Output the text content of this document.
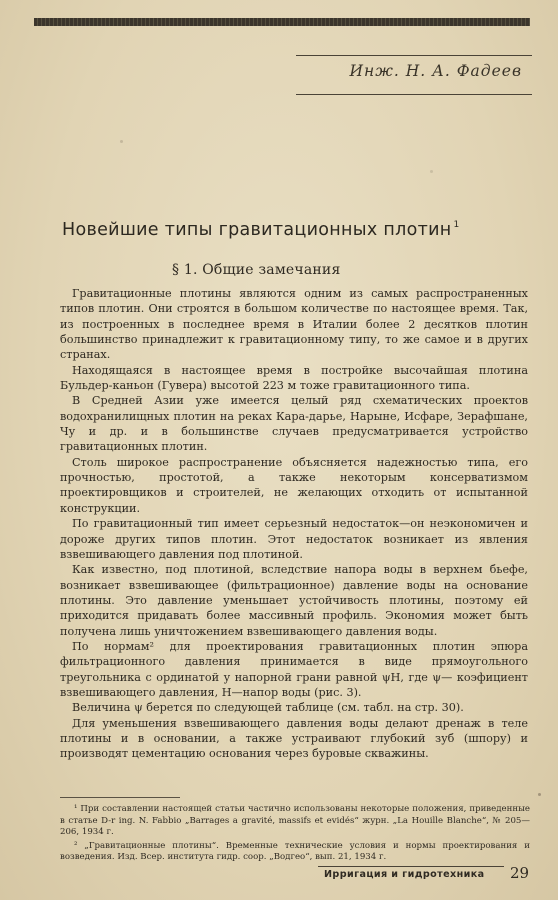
Инж. Н. А. Фадеев
Новейшие типы гравитационных плотин $^1$
§ 1. Общие замечания

Гравитационные плотины являются одним из самых распространенных типов плотин. Они строятся в большом количестве по настоящее время. Так, из построенных в последнее время в Италии более 2 десятков плотин большинство принадлежит к гравитационному типу, то же самое и в других странах.

Находящаяся в настоящее время в постройке высочайшая плотина Бульдер-каньон (Гувера) высотой 223 м тоже гравитационного типа.

В Средней Азии уже имеется целый ряд схематических проектов водохранилищных плотин на реках Кара-дарье, Нарыне, Исфаре, Зерафшане, Чу и др. и в большинстве случаев предусматривается устройство гравитационных плотин.

Столь широкое распространение объясняется надежностью типа, его прочностью, простотой, а также некоторым консерватизмом проектировщиков и строителей, не желающих отходить от испытанной конструкции.

По гравитационный тип имеет серьезный недостаток—он неэкономичен и дороже других типов плотин. Этот недостаток возникает из явления взвешивающего давления под плотиной.

Как известно, под плотиной, вследствие напора воды в верхнем бьефе, возникает взвешивающее (фильтрационное) давление воды на основание плотины. Это давление уменьшает устойчивость плотины, поэтому ей приходится придавать более массивный профиль. Экономия может быть получена лишь уничтожением взвешивающего давления воды.

По нормам² для проектирования гравитационных плотин эпюра фильтрационного давления принимается в виде прямоугольного треугольника с ординатой у напорной грани равной ψH, где ψ— коэфициент взвешивающего давления, H—напор воды (рис. 3).

Величина ψ берется по следующей таблице (см. табл. на стр. 30).

Для уменьшения взвешивающего давления воды делают дренаж в теле плотины и в основании, а также устраивают глубокий зуб (шпору) и производят цементацию основания через буровые скважины.

¹ При составлении настоящей статьи частично использованы некоторые положения, приведенные в статье D-r ing. N. Fabbio „Barrages a gravité, massifs et evidés“ журн. „La Houille Blanche“, № 205—206, 1934 г.

² „Гравитационные плотины“. Временные технические условия и нормы проектирования и возведения. Изд. Всер. института гидр. соор. „Водгео“, вып. 21, 1934 г.

Ирригация и гидротехника 29
